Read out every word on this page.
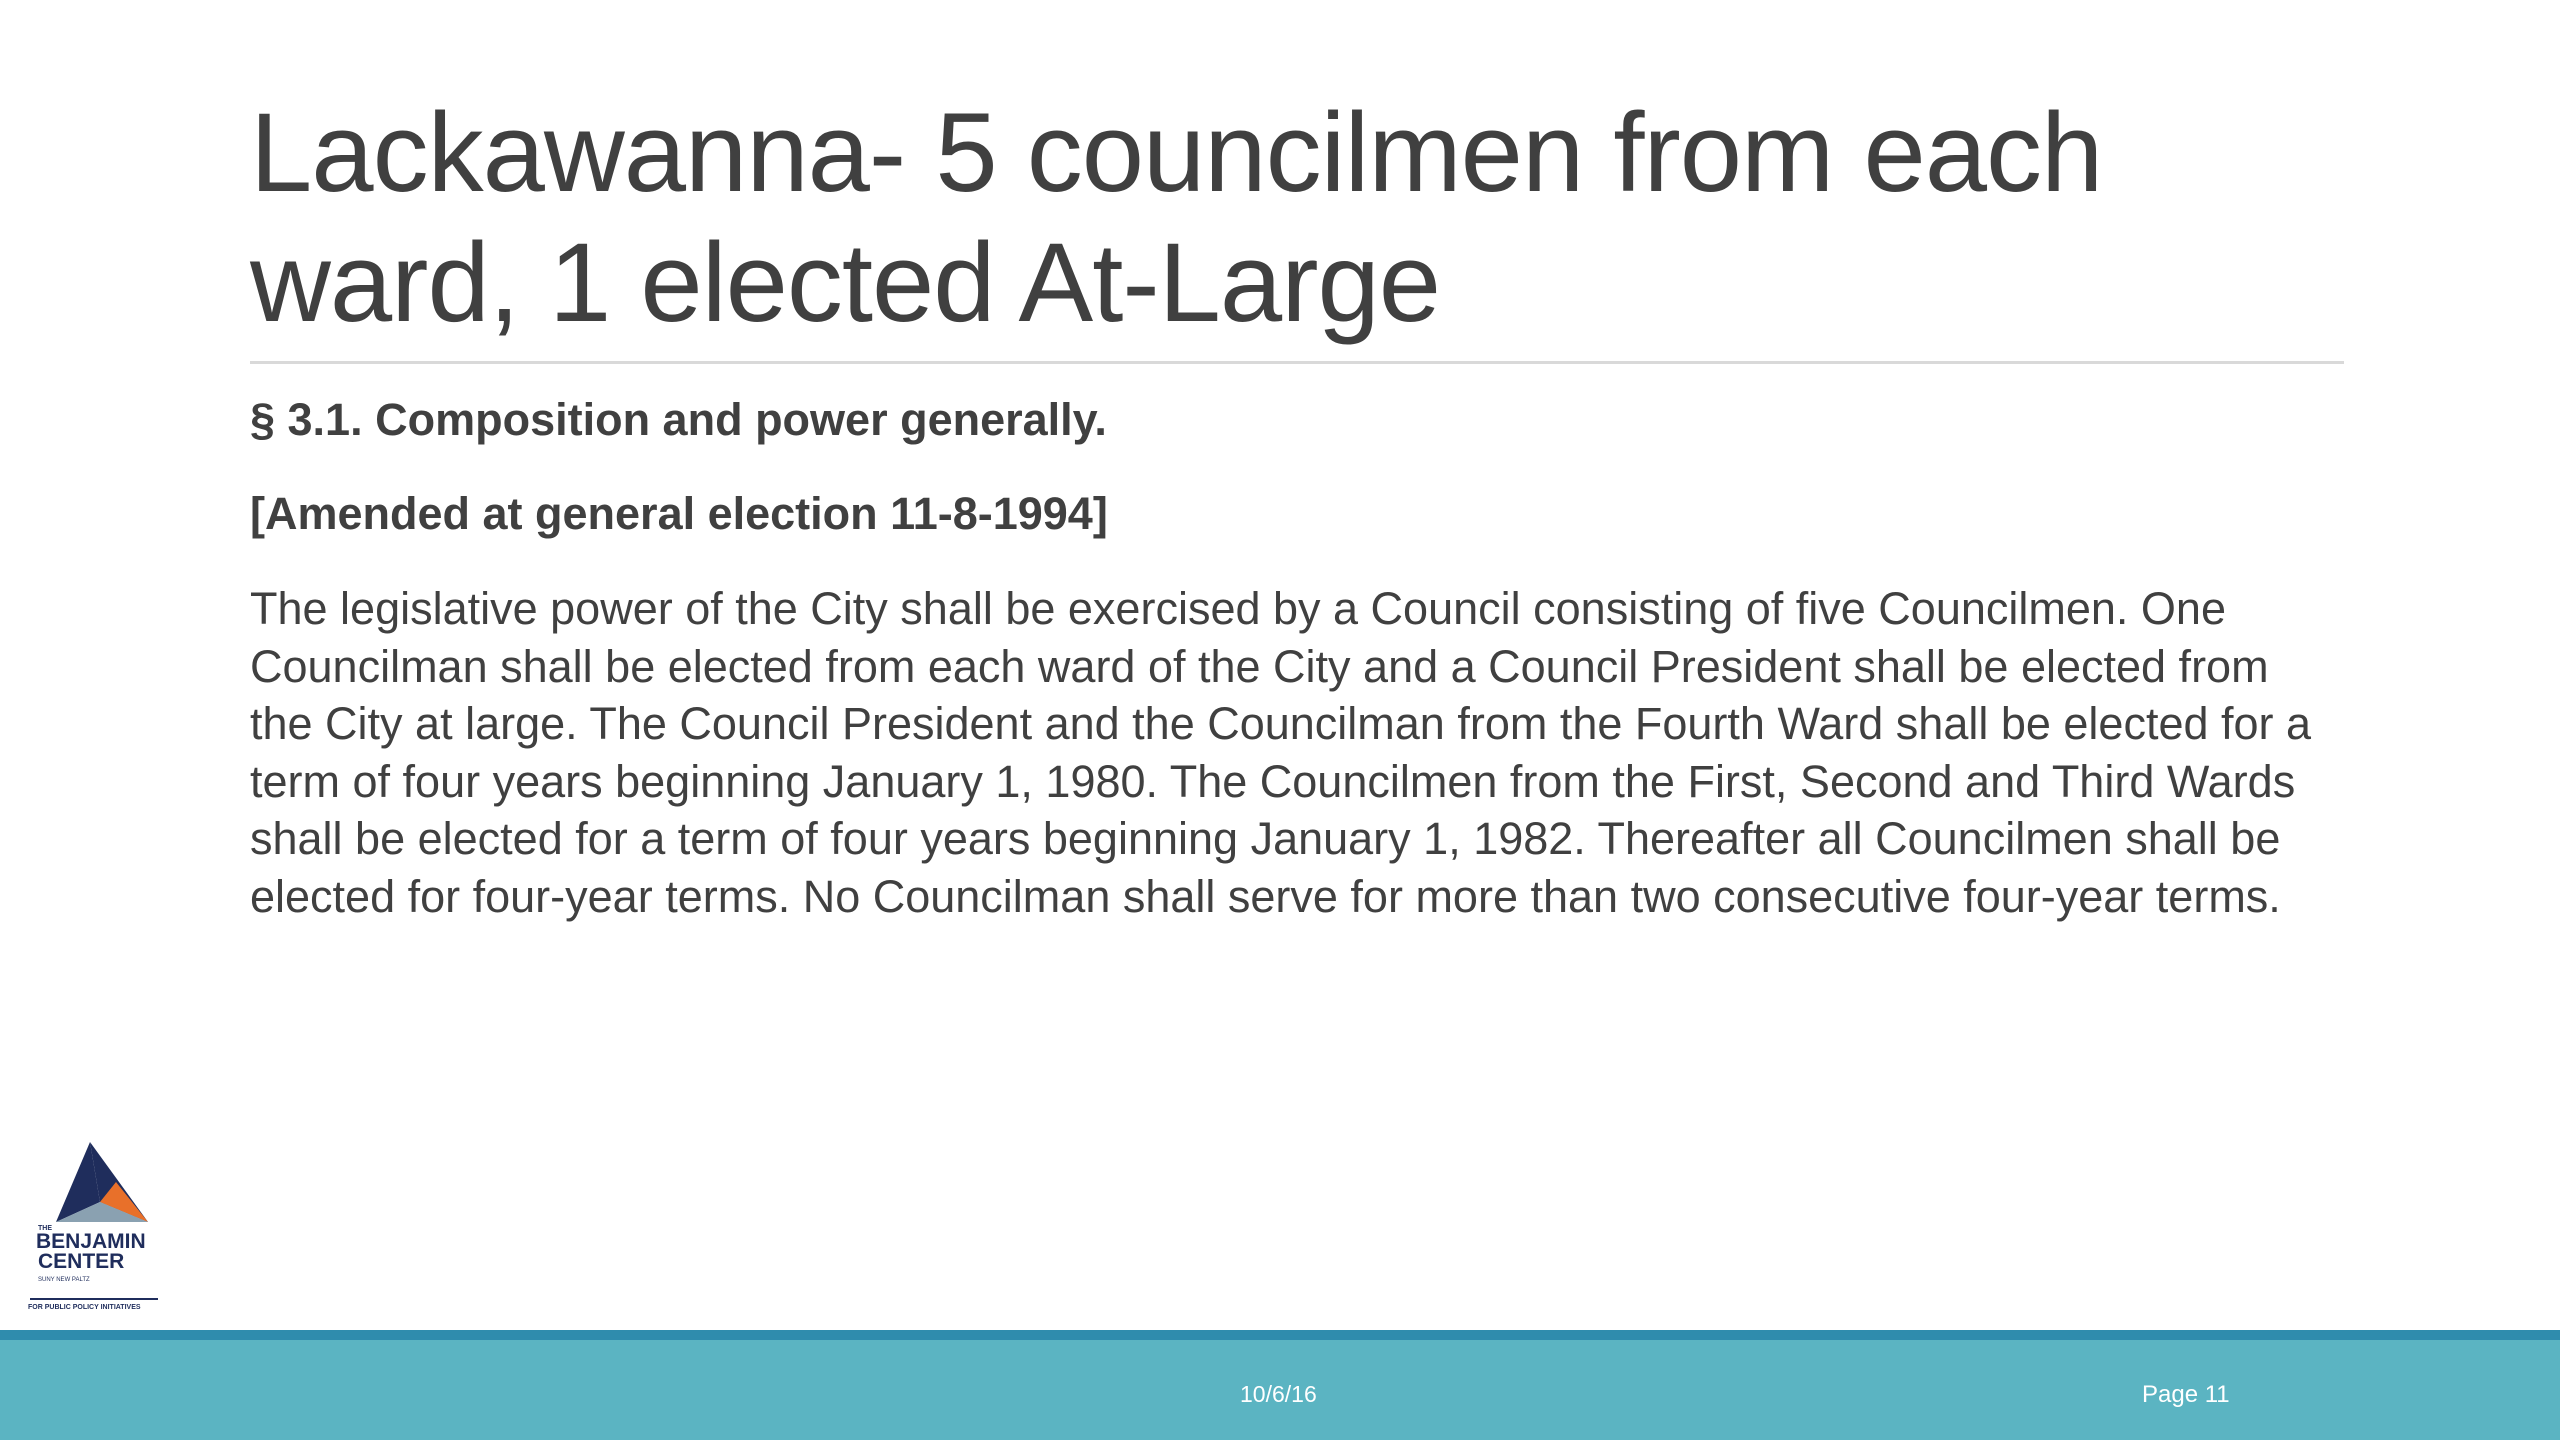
Lackawanna- 5 councilmen from each ward, 1 elected At-Large

§ 3.1. Composition and power generally.

[Amended at general election 11-8-1994]

The legislative power of the City shall be exercised by a Council consisting of five Councilmen. One Councilman shall be elected from each ward of the City and a Council President shall be elected from the City at large. The Council President and the Councilman from the Fourth Ward shall be elected for a term of four years beginning January 1, 1980. The Councilmen from the First, Second and Third Wards shall be elected for a term of four years beginning January 1, 1982. Thereafter all Councilmen shall be elected for four-year terms. No Councilman shall serve for more than two consecutive four-year terms.

THE
BENJAMIN
CENTER
SUNY NEW PALTZ
FOR PUBLIC POLICY INITIATIVES
10/6/16	Page 11
